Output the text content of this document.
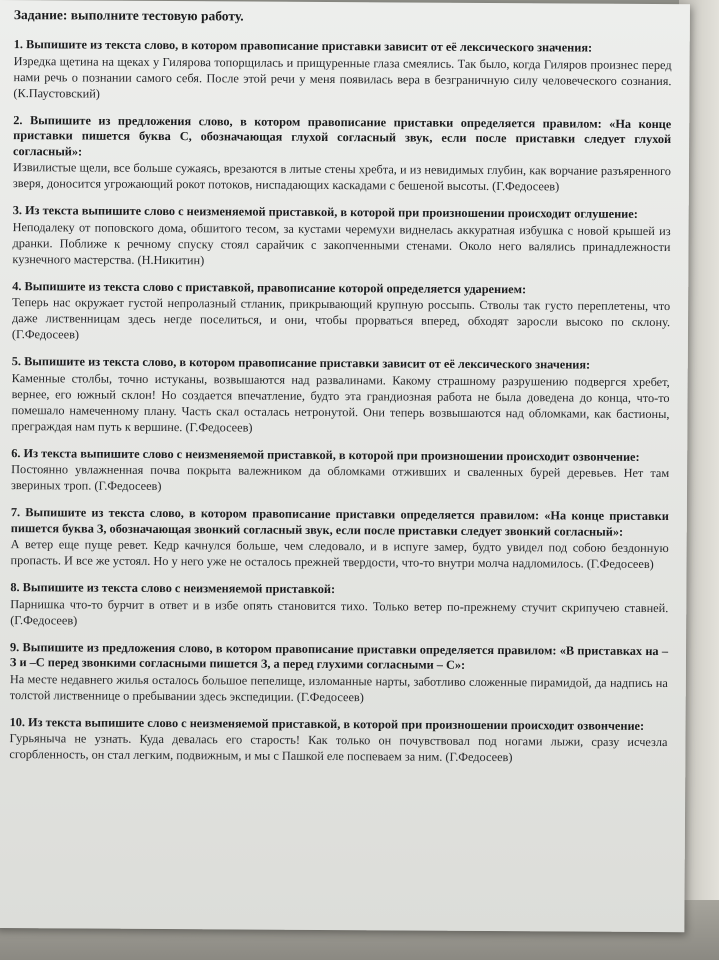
Задание: выполните тестовую работу.
1. Выпишите из текста слово, в котором правописание приставки зависит от её лексического значения:
Изредка щетина на щеках у Гилярова топорщилась и прищуренные глаза смеялись. Так было, когда Гиляров произнес перед нами речь о познании самого себя. После этой речи у меня появилась вера в безграничную силу человеческого сознания. (К.Паустовский)
2. Выпишите из предложения слово, в котором правописание приставки определяется правилом: «На конце приставки пишется буква С, обозначающая глухой согласный звук, если после приставки следует глухой согласный»:
Извилистые щели, все больше сужаясь, врезаются в литые стены хребта, и из невидимых глубин, как ворчание разъяренного зверя, доносится угрожающий рокот потоков, ниспадающих каскадами с бешеной высоты. (Г.Федосеев)
3. Из текста выпишите слово с неизменяемой приставкой, в которой при произношении происходит оглушение:
Неподалеку от поповского дома, обшитого тесом, за кустами черемухи виднелась аккуратная избушка с новой крышей из дранки. Поближе к речному спуску стоял сарайчик с закопченными стенами. Около него валялись принадлежности кузнечного мастерства. (Н.Никитин)
4. Выпишите из текста слово с приставкой, правописание которой определяется ударением:
Теперь нас окружает густой непролазный стланик, прикрывающий крупную россыпь. Стволы так густо переплетены, что даже лиственницам здесь негде поселиться, и они, чтобы прорваться вперед, обходят заросли высоко по склону. (Г.Федосеев)
5. Выпишите из текста слово, в котором правописание приставки зависит от её лексического значения:
Каменные столбы, точно истуканы, возвышаются над развалинами. Какому страшному разрушению подвергся хребет, вернее, его южный склон! Но создается впечатление, будто эта грандиозная работа не была доведена до конца, что-то помешало намеченному плану. Часть скал осталась нетронутой. Они теперь возвышаются над обломками, как бастионы, преграждая нам путь к вершине. (Г.Федосеев)
6. Из текста выпишите слово с неизменяемой приставкой, в которой при произношении происходит озвончение:
Постоянно увлажненная почва покрыта валежником да обломками отживших и сваленных бурей деревьев. Нет там звериных троп. (Г.Федосеев)
7. Выпишите из текста слово, в котором правописание приставки определяется правилом: «На конце приставки пишется буква З, обозначающая звонкий согласный звук, если после приставки следует звонкий согласный»:
А ветер еще пуще ревет. Кедр качнулся больше, чем следовало, и в испуге замер, будто увидел под собою бездонную пропасть. И все же устоял. Но у него уже не осталось прежней твердости, что-то внутри молча надломилось. (Г.Федосеев)
8. Выпишите из текста слово с неизменяемой приставкой:
Парнишка что-то бурчит в ответ и в избе опять становится тихо. Только ветер по-прежнему стучит скрипучею ставней. (Г.Федосеев)
9. Выпишите из предложения слово, в котором правописание приставки определяется правилом: «В приставках на –З и –С перед звонкими согласными пишется З, а перед глухими согласными – С»:
На месте недавнего жилья осталось большое пепелище, изломанные нарты, заботливо сложенные пирамидой, да надпись на толстой лиственнице о пребывании здесь экспедиции. (Г.Федосеев)
10. Из текста выпишите слово с неизменяемой приставкой, в которой при произношении происходит озвончение:
Гурьяныча не узнать. Куда девалась его старость! Как только он почувствовал под ногами лыжи, сразу исчезла сгорбленность, он стал легким, подвижным, и мы с Пашкой еле поспеваем за ним. (Г.Федосеев)
